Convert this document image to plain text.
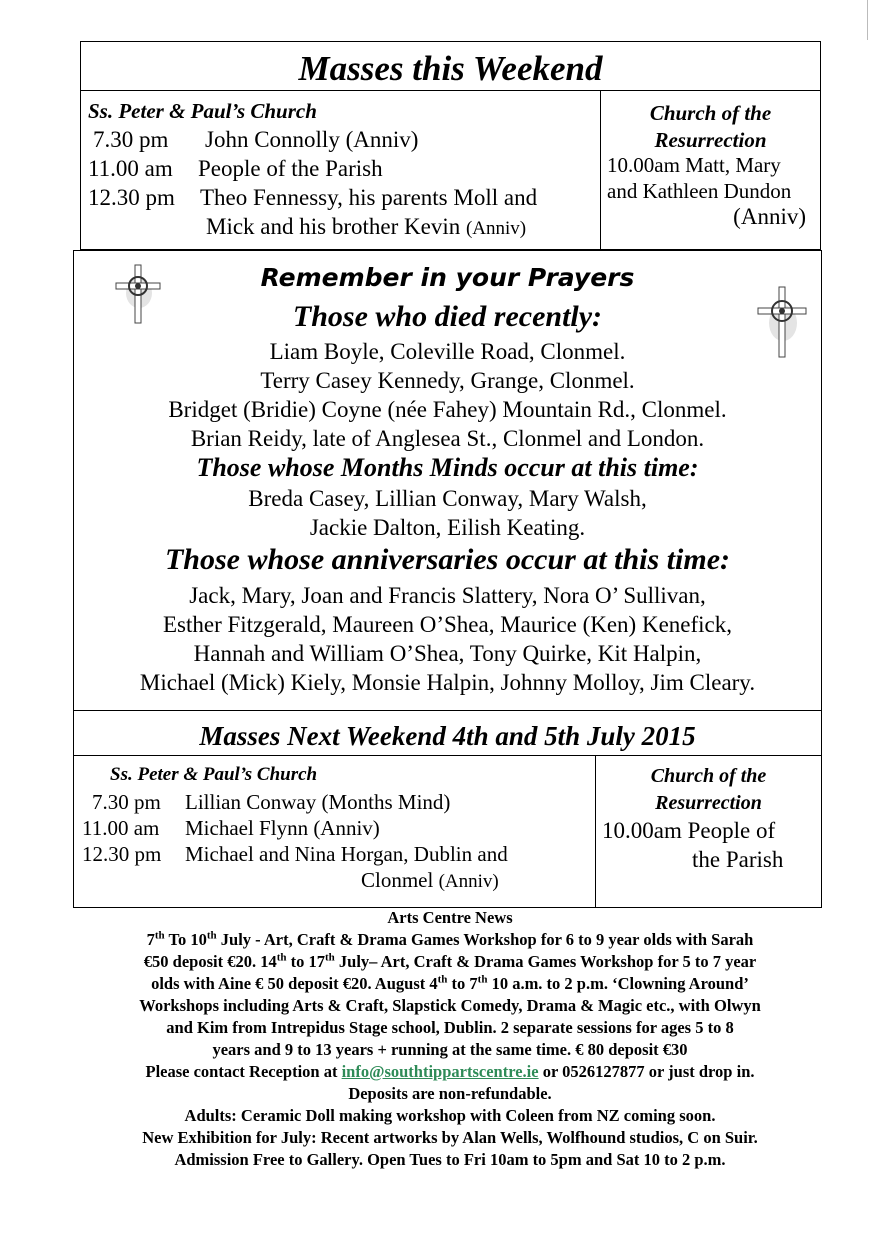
Masses this Weekend
Ss. Peter & Paul’s Church
7.30 pm	John Connolly (Anniv)
11.00 am	People of the Parish
12.30 pm	Theo Fennessy, his parents Moll and
Mick and his brother Kevin (Anniv)
Church of the
Resurrection
10.00am Matt, Mary
and Kathleen Dundon
(Anniv)
Remember in your Prayers
Those who died recently:
Liam Boyle, Coleville Road, Clonmel.
Terry Casey Kennedy, Grange, Clonmel.
Bridget (Bridie) Coyne (née Fahey) Mountain Rd., Clonmel.
Brian Reidy, late of Anglesea St., Clonmel and London.
Those whose Months Minds occur at this time:
Breda Casey, Lillian Conway, Mary Walsh,
Jackie Dalton, Eilish Keating.
Those whose anniversaries occur at this time:
Jack, Mary, Joan and Francis Slattery, Nora O’ Sullivan,
Esther Fitzgerald, Maureen O’Shea, Maurice (Ken) Kenefick,
Hannah and William O’Shea, Tony Quirke, Kit Halpin,
Michael (Mick) Kiely, Monsie Halpin, Johnny Molloy, Jim Cleary.
Masses Next Weekend 4th and 5th July 2015
Ss. Peter & Paul’s Church
7.30 pm	Lillian Conway (Months Mind)
11.00 am	Michael Flynn (Anniv)
12.30 pm	Michael and Nina Horgan, Dublin and
Clonmel (Anniv)
Church of the
Resurrection
10.00am People of
the Parish
Arts Centre News
7th To 10th July - Art, Craft & Drama Games Workshop for 6 to 9 year olds with Sarah
€50 deposit €20. 14th to 17th July– Art, Craft & Drama Games Workshop for 5 to 7 year
olds with Aine € 50 deposit €20. August 4th to 7th 10 a.m. to 2 p.m. ‘Clowning Around’
Workshops including Arts & Craft, Slapstick Comedy, Drama & Magic etc., with Olwyn
and Kim from Intrepidus Stage school, Dublin. 2 separate sessions for ages 5 to 8
years and 9 to 13 years + running at the same time. € 80 deposit €30
Please contact Reception at info@southtippartscentre.ie or 0526127877 or just drop in.
Deposits are non-refundable.
Adults: Ceramic Doll making workshop with Coleen from NZ coming soon.
New Exhibition for July: Recent artworks by Alan Wells, Wolfhound studios, C on Suir.
Admission Free to Gallery. Open Tues to Fri 10am to 5pm and Sat 10 to 2 p.m.
